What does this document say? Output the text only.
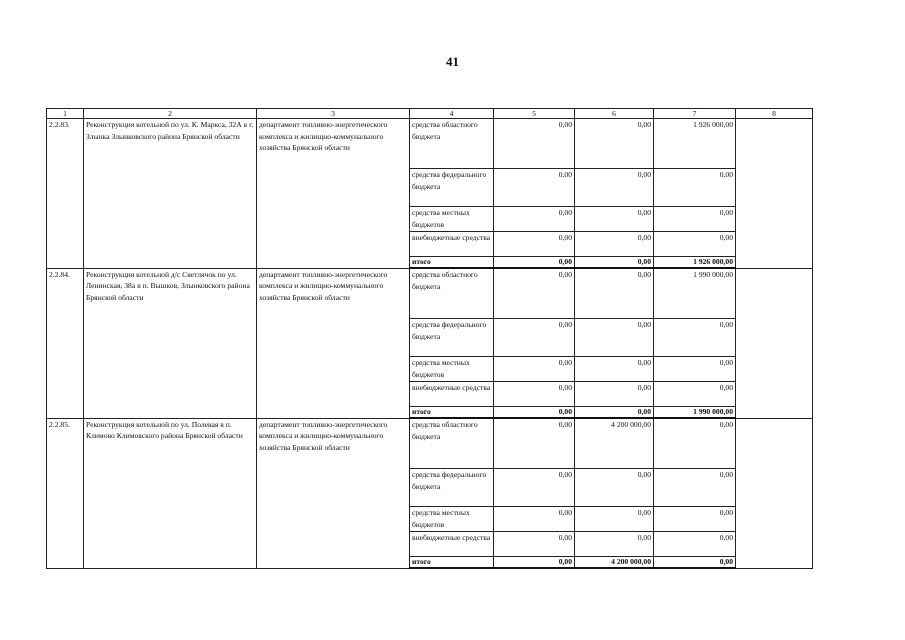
41
1	2	3	4	5	6	7	8
2.2.83.	Реконструкция котельной по ул. К. Маркса, 32А в г. Злынка Злынковского района Брянской области	департамент топливно-энергетического комплекса и жилищно-коммунального хозяйства Брянской области	средства областного бюджета	0,00	0,00	1 926 000,00	
			средства федерального бюджета	0,00	0,00	0,00	
			средства местных бюджетов	0,00	0,00	0,00	
			внебюджетные средства	0,00	0,00	0,00	
			итого	0,00	0,00	1 926 000,00	
2.2.84.	Реконструкция котельной д/с Светлячок по ул. Ленинская, 38а в п. Вышков, Злынковского района Брянской области	департамент топливно-энергетического комплекса и жилищно-коммунального хозяйства Брянской области	средства областного бюджета	0,00	0,00	1 990 000,00	
			средства федерального бюджета	0,00	0,00	0,00	
			средства местных бюджетов	0,00	0,00	0,00	
			внебюджетные средства	0,00	0,00	0,00	
			итого	0,00	0,00	1 990 000,00	
2.2.85.	Реконструкция котельной по ул. Полевая в п. Климово Климовского района Брянской области	департамент топливно-энергетического комплекса и жилищно-коммунального хозяйства Брянской области	средства областного бюджета	0,00	4 200 000,00	0,00	
			средства федерального бюджета	0,00	0,00	0,00	
			средства местных бюджетов	0,00	0,00	0,00	
			внебюджетные средства	0,00	0,00	0,00	
			итого	0,00	4 200 000,00	0,00	
